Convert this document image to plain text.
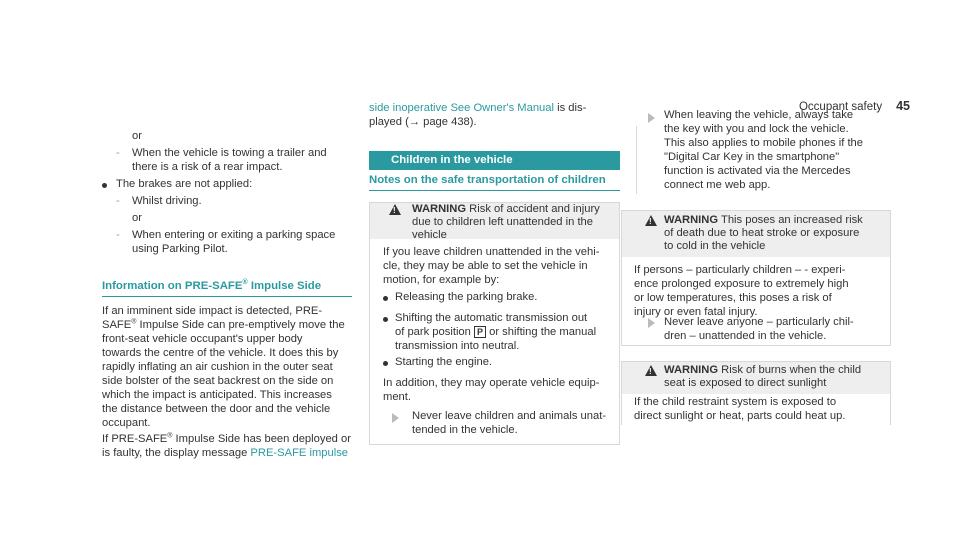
Occupant safety 45

or

- When the vehicle is towing a trailer and

there is a risk of a rear impact.

The brakes are not applied:

- Whilst driving.

or

- When entering or exiting a parking space

using Parking Pilot.

Information on PRE-SAFE® Impulse Side

If an imminent side impact is detected, PRE-

SAFE® Impulse Side can pre-emptively move the

front-seat vehicle occupant's upper body

towards the centre of the vehicle. It does this by

rapidly inflating an air cushion in the outer seat

side bolster of the seat backrest on the side on

which the impact is anticipated. This increases

the distance between the door and the vehicle

occupant.

If PRE-SAFE® Impulse Side has been deployed or

is faulty, the display message PRE-SAFE impulse

side inoperative See Owner's Manual is dis-

played (→ page 438).

Children in the vehicle
Notes on the safe transportation of children
!

WARNING Risk of accident and injury

due to children left unattended in the

vehicle

If you leave children unattended in the vehi-

cle, they may be able to set the vehicle in

motion, for example by:

Releasing the parking brake.

Shifting the automatic transmission out

of park position P or shifting the manual

transmission into neutral.

Starting the engine.

In addition, they may operate vehicle equip-

ment.

Never leave children and animals unat-

tended in the vehicle.

When leaving the vehicle, always take

the key with you and lock the vehicle.

This also applies to mobile phones if the

"Digital Car Key in the smartphone"

function is activated via the Mercedes

connect me web app.

!

WARNING This poses an increased risk

of death due to heat stroke or exposure

to cold in the vehicle

If persons – particularly children – - experi-

ence prolonged exposure to extremely high

or low temperatures, this poses a risk of

injury or even fatal injury.

Never leave anyone – particularly chil-

dren – unattended in the vehicle.

!

WARNING Risk of burns when the child

seat is exposed to direct sunlight

If the child restraint system is exposed to

direct sunlight or heat, parts could heat up.
